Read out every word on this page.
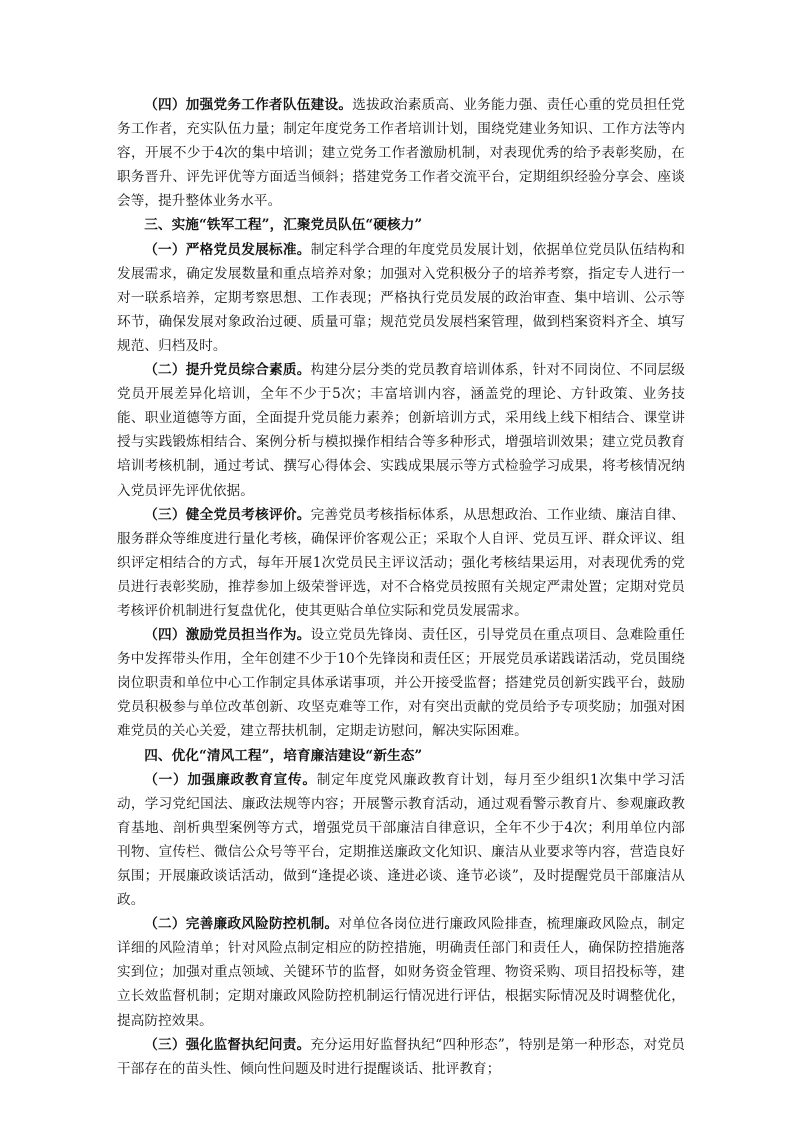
（四）加强党务工作者队伍建设。选拔政治素质高、业务能力强、责任心重的党员担任党务工作者，充实队伍力量；制定年度党务工作者培训计划，围绕党建业务知识、工作方法等内容，开展不少于4次的集中培训；建立党务工作者激励机制，对表现优秀的给予表彰奖励，在职务晋升、评先评优等方面适当倾斜；搭建党务工作者交流平台，定期组织经验分享会、座谈会等，提升整体业务水平。

三、实施“铁军工程”，汇聚党员队伍“硬核力”

（一）严格党员发展标准。制定科学合理的年度党员发展计划，依据单位党员队伍结构和发展需求，确定发展数量和重点培养对象；加强对入党积极分子的培养考察，指定专人进行一对一联系培养，定期考察思想、工作表现；严格执行党员发展的政治审查、集中培训、公示等环节，确保发展对象政治过硬、质量可靠；规范党员发展档案管理，做到档案资料齐全、填写规范、归档及时。

（二）提升党员综合素质。构建分层分类的党员教育培训体系，针对不同岗位、不同层级党员开展差异化培训，全年不少于5次；丰富培训内容，涵盖党的理论、方针政策、业务技能、职业道德等方面，全面提升党员能力素养；创新培训方式，采用线上线下相结合、课堂讲授与实践锻炼相结合、案例分析与模拟操作相结合等多种形式，增强培训效果；建立党员教育培训考核机制，通过考试、撰写心得体会、实践成果展示等方式检验学习成果，将考核情况纳入党员评先评优依据。

（三）健全党员考核评价。完善党员考核指标体系，从思想政治、工作业绩、廉洁自律、服务群众等维度进行量化考核，确保评价客观公正；采取个人自评、党员互评、群众评议、组织评定相结合的方式，每年开展1次党员民主评议活动；强化考核结果运用，对表现优秀的党员进行表彰奖励，推荐参加上级荣誉评选，对不合格党员按照有关规定严肃处置；定期对党员考核评价机制进行复盘优化，使其更贴合单位实际和党员发展需求。

（四）激励党员担当作为。设立党员先锋岗、责任区，引导党员在重点项目、急难险重任务中发挥带头作用，全年创建不少于10个先锋岗和责任区；开展党员承诺践诺活动，党员围绕岗位职责和单位中心工作制定具体承诺事项，并公开接受监督；搭建党员创新实践平台，鼓励党员积极参与单位改革创新、攻坚克难等工作，对有突出贡献的党员给予专项奖励；加强对困难党员的关心关爱，建立帮扶机制，定期走访慰问，解决实际困难。

四、优化“清风工程”，培育廉洁建设“新生态”

（一）加强廉政教育宣传。制定年度党风廉政教育计划，每月至少组织1次集中学习活动，学习党纪国法、廉政法规等内容；开展警示教育活动，通过观看警示教育片、参观廉政教育基地、剖析典型案例等方式，增强党员干部廉洁自律意识，全年不少于4次；利用单位内部刊物、宣传栏、微信公众号等平台，定期推送廉政文化知识、廉洁从业要求等内容，营造良好氛围；开展廉政谈话活动，做到“逢提必谈、逢进必谈、逢节必谈”，及时提醒党员干部廉洁从政。

（二）完善廉政风险防控机制。对单位各岗位进行廉政风险排查，梳理廉政风险点，制定详细的风险清单；针对风险点制定相应的防控措施，明确责任部门和责任人，确保防控措施落实到位；加强对重点领域、关键环节的监督，如财务资金管理、物资采购、项目招投标等，建立长效监督机制；定期对廉政风险防控机制运行情况进行评估，根据实际情况及时调整优化，提高防控效果。

（三）强化监督执纪问责。充分运用好监督执纪“四种形态”，特别是第一种形态，对党员干部存在的苗头性、倾向性问题及时进行提醒谈话、批评教育；
